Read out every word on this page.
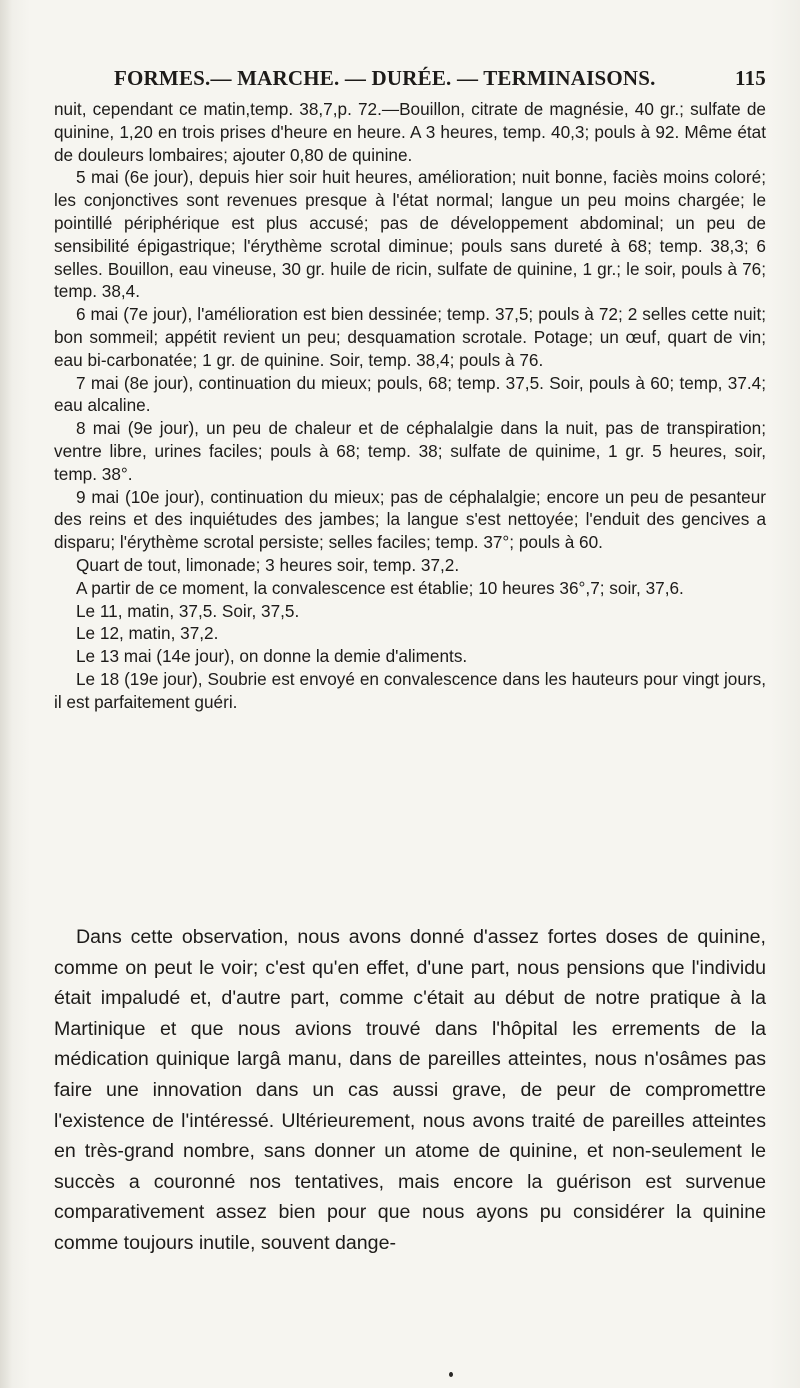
FORMES.— MARCHE. — DURÉE. — TERMINAISONS.	115

nuit, cependant ce matin,temp. 38,7,p. 72.—Bouillon, citrate de magnésie, 40 gr.; sulfate de quinine, 1,20 en trois prises d'heure en heure. A 3 heures, temp. 40,3; pouls à 92. Même état de douleurs lombaires; ajouter 0,80 de quinine.

5 mai (6e jour), depuis hier soir huit heures, amélioration; nuit bonne, faciès moins coloré; les conjonctives sont revenues presque à l'état normal; langue un peu moins chargée; le pointillé périphérique est plus accusé; pas de développement abdominal; un peu de sensibilité épigastrique; l'érythème scrotal diminue; pouls sans dureté à 68; temp. 38,3; 6 selles. Bouillon, eau vineuse, 30 gr. huile de ricin, sulfate de quinine, 1 gr.; le soir, pouls à 76; temp. 38,4.

6 mai (7e jour), l'amélioration est bien dessinée; temp. 37,5; pouls à 72; 2 selles cette nuit; bon sommeil; appétit revient un peu; desquamation scrotale. Potage; un œuf, quart de vin; eau bi-carbonatée; 1 gr. de quinine. Soir, temp. 38,4; pouls à 76.

7 mai (8e jour), continuation du mieux; pouls, 68; temp. 37,5. Soir, pouls à 60; temp, 37.4; eau alcaline.

8 mai (9e jour), un peu de chaleur et de céphalalgie dans la nuit, pas de transpiration; ventre libre, urines faciles; pouls à 68; temp. 38; sulfate de quinime, 1 gr. 5 heures, soir, temp. 38°.

9 mai (10e jour), continuation du mieux; pas de céphalalgie; encore un peu de pesanteur des reins et des inquiétudes des jambes; la langue s'est nettoyée; l'enduit des gencives a disparu; l'érythème scrotal persiste; selles faciles; temp. 37°; pouls à 60.

Quart de tout, limonade; 3 heures soir, temp. 37,2.

A partir de ce moment, la convalescence est établie; 10 heures 36°,7; soir, 37,6.

Le 11, matin, 37,5. Soir, 37,5.

Le 12, matin, 37,2.

Le 13 mai (14e jour), on donne la demie d'aliments.

Le 18 (19e jour), Soubrie est envoyé en convalescence dans les hauteurs pour vingt jours, il est parfaitement guéri.

Dans cette observation, nous avons donné d'assez fortes doses de quinine, comme on peut le voir; c'est qu'en effet, d'une part, nous pensions que l'individu était impaludé et, d'autre part, comme c'était au début de notre pratique à la Martinique et que nous avions trouvé dans l'hôpital les errements de la médication quinique largâ manu, dans de pareilles atteintes, nous n'osâmes pas faire une innovation dans un cas aussi grave, de peur de compromettre l'existence de l'intéressé. Ultérieurement, nous avons traité de pareilles atteintes en très-grand nombre, sans donner un atome de quinine, et non-seulement le succès a couronné nos tentatives, mais encore la guérison est survenue comparativement assez bien pour que nous ayons pu considérer la quinine comme toujours inutile, souvent dange-
